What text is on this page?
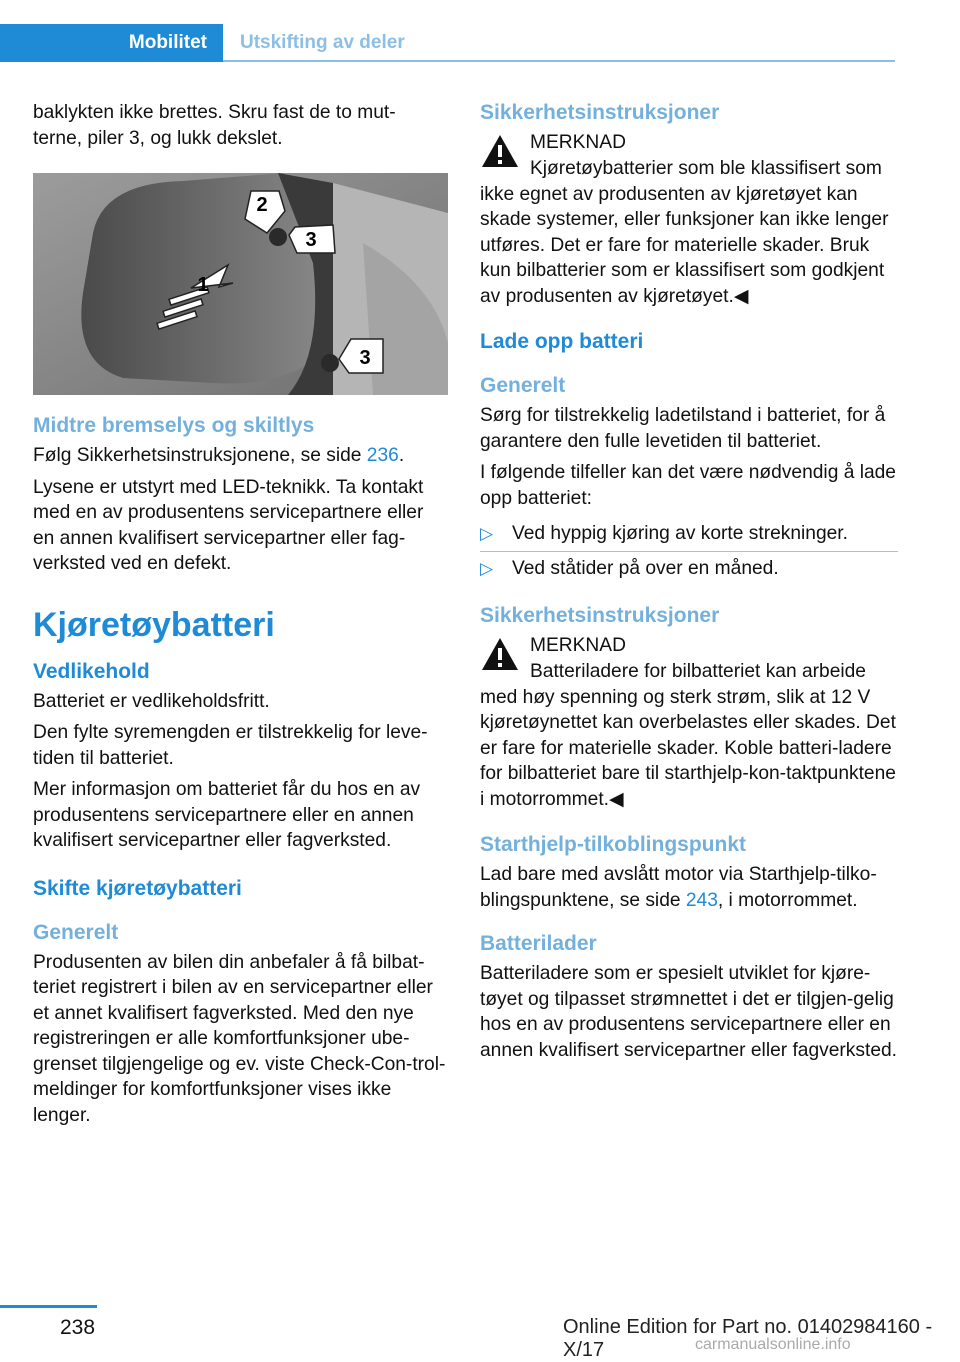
Mobilitet Utskifting av deler

baklykten ikke brettes. Skru fast de to mut‐
terne, piler 3, og lukk dekslet.

2
1
3
3
Midtre bremselys og skiltlys

Følg Sikkerhetsinstruksjonene, se side 236.

Lysene er utstyrt med LED-teknikk. Ta kontakt med en av produsentens servicepartnere eller en annen kvalifisert servicepartner eller fag‐verksted ved en defekt.

Kjøretøybatteri
Vedlikehold

Batteriet er vedlikeholdsfritt.

Den fylte syremengden er tilstrekkelig for leve‐tiden til batteriet.

Mer informasjon om batteriet får du hos en av produsentens servicepartnere eller en annen kvalifisert servicepartner eller fagverksted.

Skifte kjøretøybatteri
Generelt

Produsenten av bilen din anbefaler å få bilbat‐teriet registrert i bilen av en servicepartner eller et annet kvalifisert fagverksted. Med den nye registreringen er alle komfortfunksjoner ube‐grenset tilgjengelige og ev. viste Check-Con‐trol-meldinger for komfortfunksjoner vises ikke lenger.

Sikkerhetsinstruksjoner
MERKNAD

Kjøretøybatterier som ble klassifisert som ikke egnet av produsenten av kjøretøyet kan skade systemer, eller funksjoner kan ikke lenger utføres. Det er fare for materielle skader. Bruk kun bilbatterier som er klassifisert som godkjent av produsenten av kjøretøyet.◀

Lade opp batteri
Generelt

Sørg for tilstrekkelig ladetilstand i batteriet, for å garantere den fulle levetiden til batteriet.

I følgende tilfeller kan det være nødvendig å lade opp batteriet:

▷ Ved hyppig kjøring av korte strekninger.
▷ Ved ståtider på over en måned.
Sikkerhetsinstruksjoner
MERKNAD

Batteriladere for bilbatteriet kan arbeide med høy spenning og sterk strøm, slik at 12 V kjøretøynettet kan overbelastes eller skades. Det er fare for materielle skader. Koble batteri‐ladere for bilbatteriet bare til starthjelp-kon‐taktpunktene i motorrommet.◀

Starthjelp-tilkoblingspunkt

Lad bare med avslått motor via Starthjelp-tilko‐blingspunktene, se side 243, i motorrommet.

Batterilader

Batteriladere som er spesielt utviklet for kjøre‐tøyet og tilpasset strømnettet i det er tilgjen‐gelig hos en av produsentens servicepartnere eller en annen kvalifisert servicepartner eller fagverksted.

238	Online Edition for Part no. 01402984160 - X/17	carmanualsonline.info
